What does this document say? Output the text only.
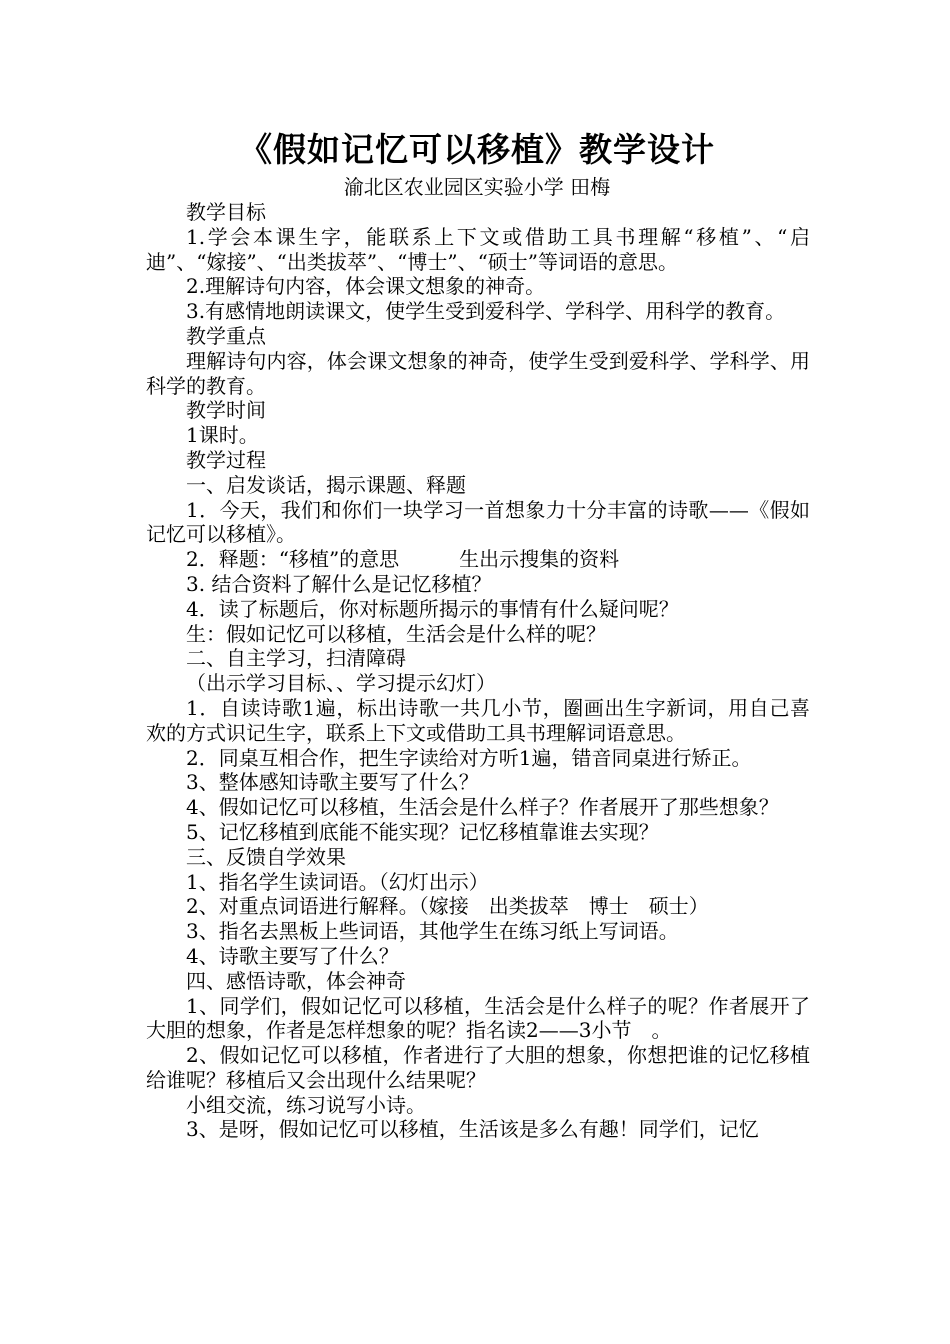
《假如记忆可以移植》教学设计
渝北区农业园区实验小学 田梅

教学目标

1.学会本课生字，能联系上下文或借助工具书理解“移植”、“启迪”、“嫁接”、“出类拔萃”、“博士”、“硕士”等词语的意思。

2.理解诗句内容，体会课文想象的神奇。

3.有感情地朗读课文，使学生受到爱科学、学科学、用科学的教育。

教学重点

理解诗句内容，体会课文想象的神奇，使学生受到爱科学、学科学、用科学的教育。

教学时间

1课时。

教学过程

一、启发谈话，揭示课题、释题

1．今天，我们和你们一块学习一首想象力十分丰富的诗歌——《假如记忆可以移植》。

2．释题：“移植”的意思　　　生出示搜集的资料

3. 结合资料了解什么是记忆移植？

4．读了标题后，你对标题所揭示的事情有什么疑问呢？

生：假如记忆可以移植，生活会是什么样的呢？

二、自主学习，扫清障碍

（出示学习目标、、学习提示幻灯）

1．自读诗歌1遍，标出诗歌一共几小节，圈画出生字新词，用自己喜欢的方式识记生字，联系上下文或借助工具书理解词语意思。

2．同桌互相合作，把生字读给对方听1遍，错音同桌进行矫正。

3、整体感知诗歌主要写了什么？

4、假如记忆可以移植，生活会是什么样子？作者展开了那些想象？

5、记忆移植到底能不能实现？记忆移植靠谁去实现？

三、反馈自学效果

1、指名学生读词语。（幻灯出示）

2、对重点词语进行解释。（嫁接　出类拔萃　博士　硕士）

3、指名去黑板上些词语，其他学生在练习纸上写词语。

4、诗歌主要写了什么？

四、感悟诗歌，体会神奇

1、同学们，假如记忆可以移植，生活会是什么样子的呢？作者展开了大胆的想象，作者是怎样想象的呢？指名读2——3小节　。

2、假如记忆可以移植，作者进行了大胆的想象，你想把谁的记忆移植给谁呢？移植后又会出现什么结果呢？

小组交流，练习说写小诗。

3、是呀，假如记忆可以移植，生活该是多么有趣！同学们，记忆
